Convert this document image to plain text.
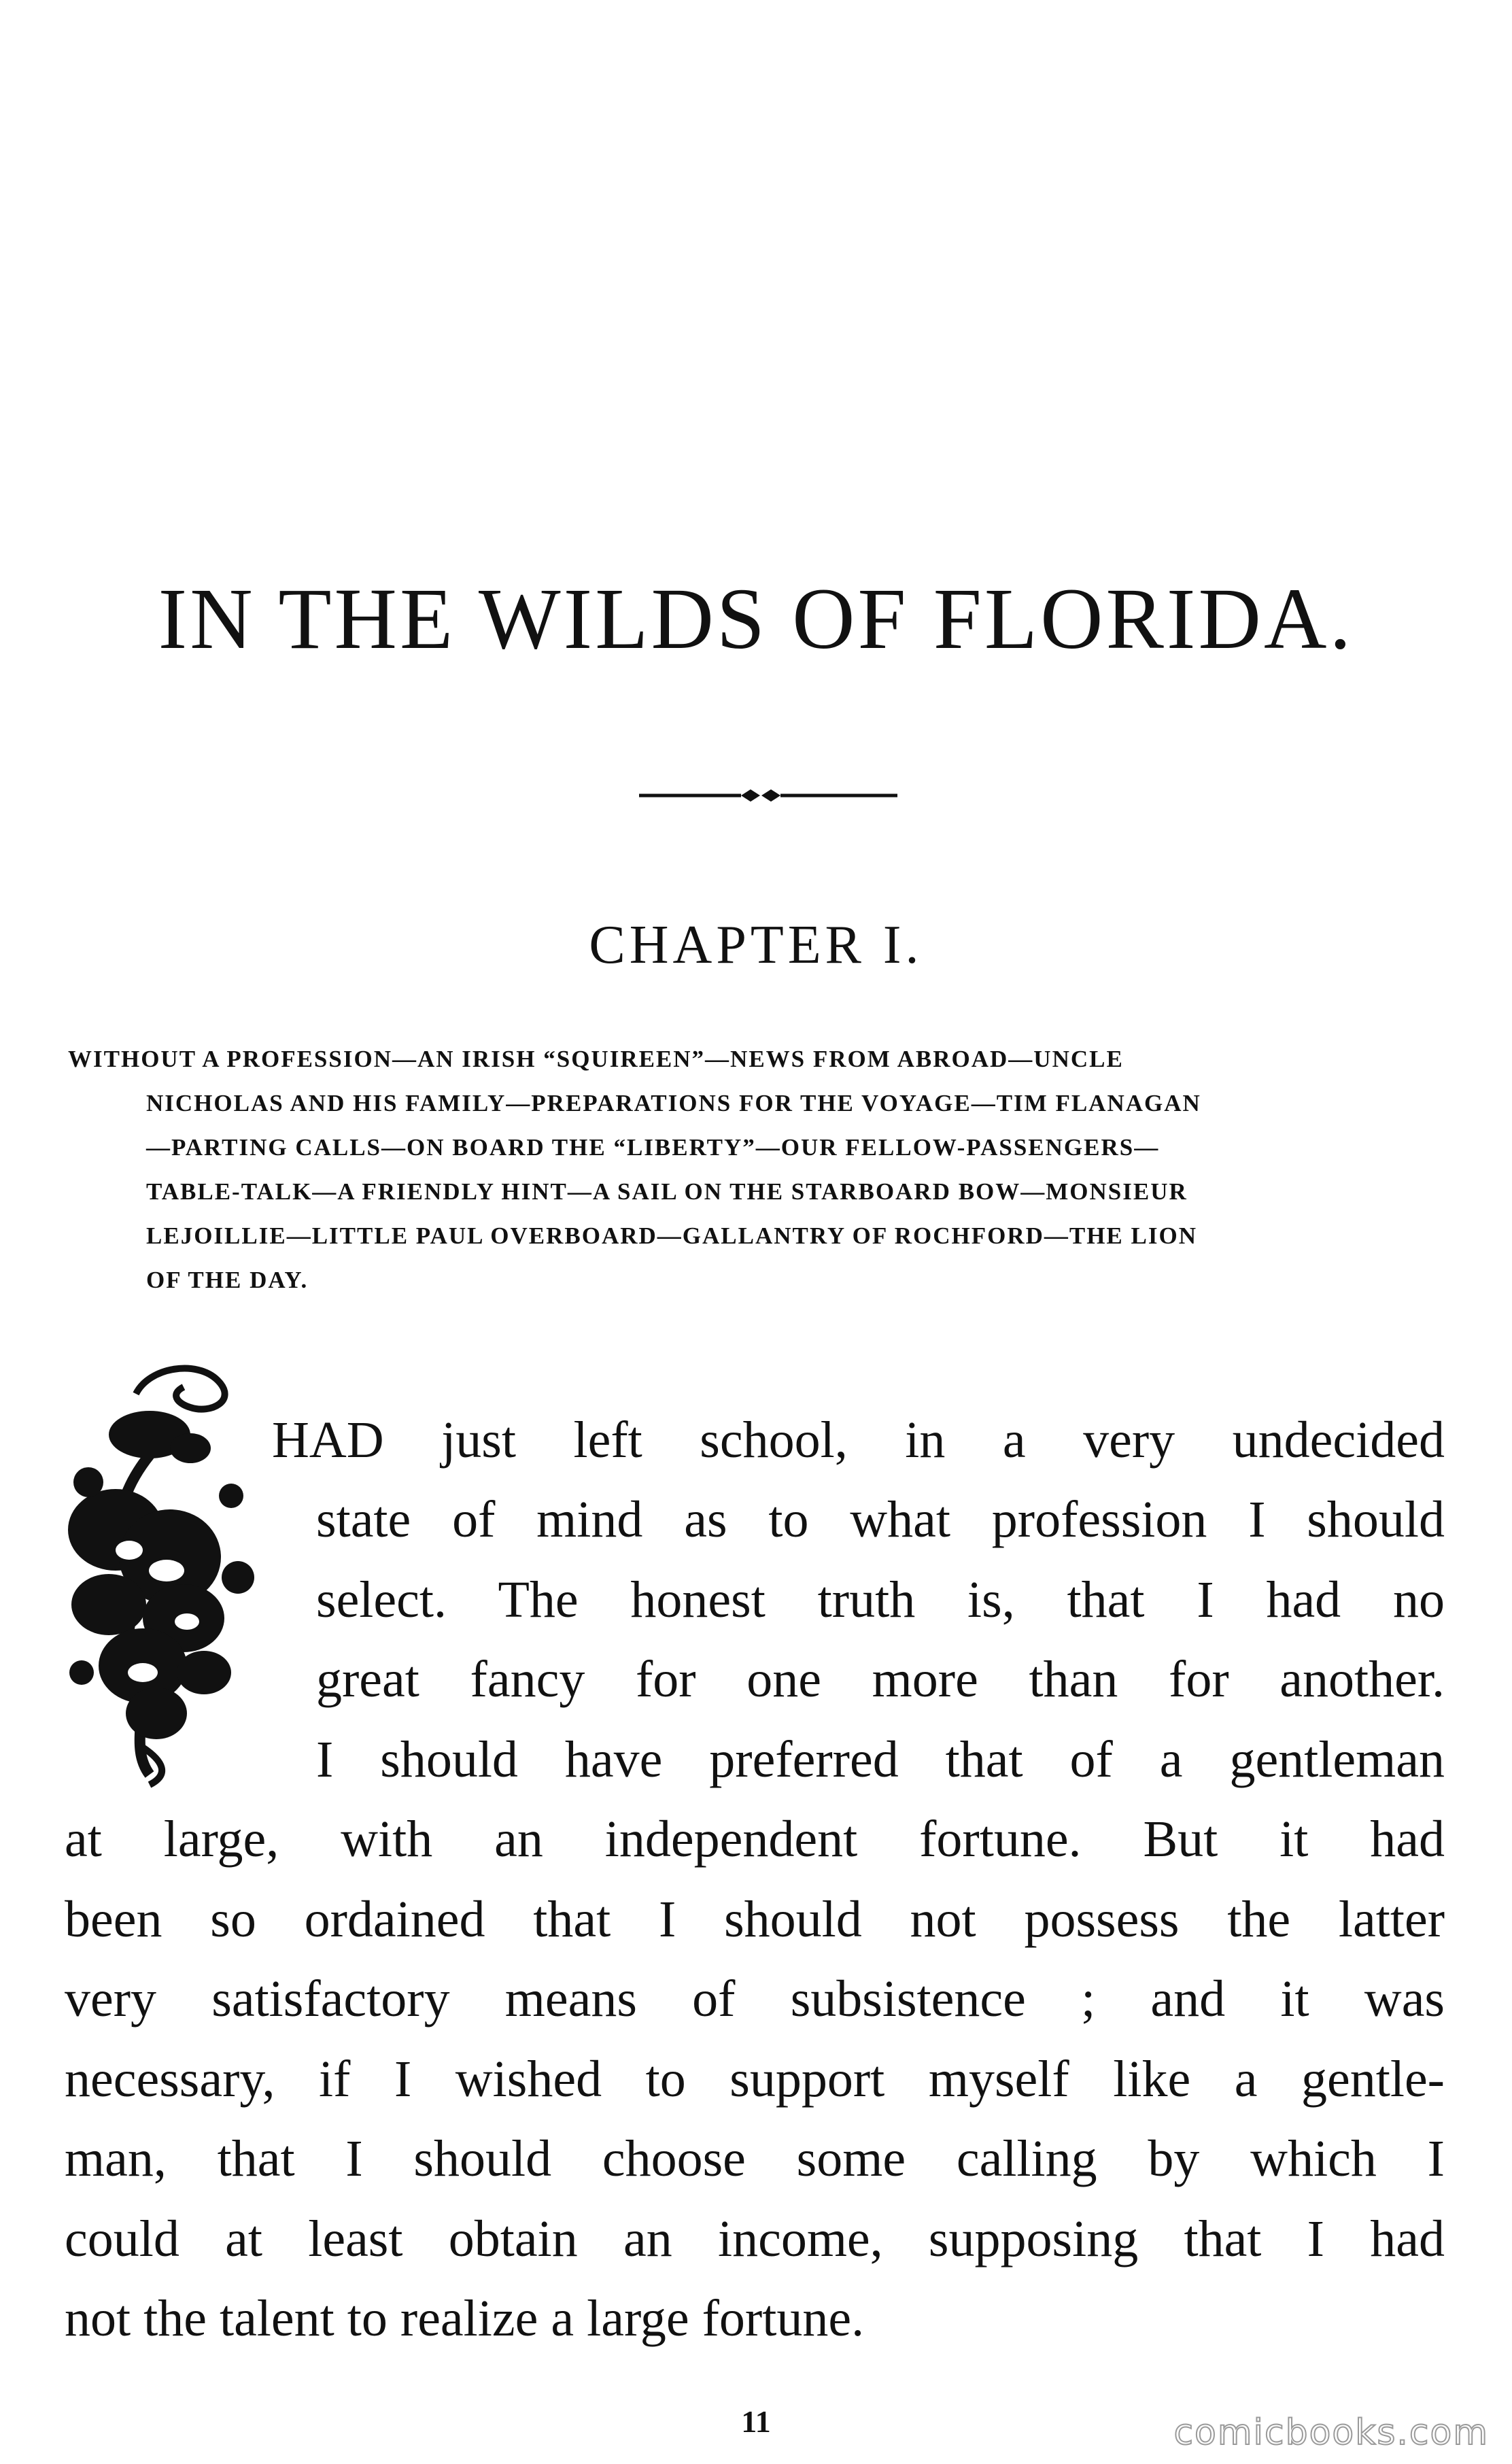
IN THE WILDS OF FLORIDA.
CHAPTER I.
WITHOUT A PROFESSION—AN IRISH “SQUIREEN”—NEWS FROM ABROAD—UNCLE
NICHOLAS AND HIS FAMILY—PREPARATIONS FOR THE VOYAGE—TIM FLANAGAN
—PARTING CALLS—ON BOARD THE “LIBERTY”—OUR FELLOW-PASSENGERS—
TABLE-TALK—A FRIENDLY HINT—A SAIL ON THE STARBOARD BOW—MONSIEUR
LEJOILLIE—LITTLE PAUL OVERBOARD—GALLANTRY OF ROCHFORD—THE LION
OF THE DAY.
HAD just left school, in a very undecided
state of mind as to what profession I should
select. The honest truth is, that I had no
great fancy for one more than for another.
I should have preferred that of a gentleman
at large, with an independent fortune. But it had
been so ordained that I should not possess the latter
very satisfactory means of subsistence ; and it was
necessary, if I wished to support myself like a gentle-
man, that I should choose some calling by which I
could at least obtain an income, supposing that I had
not the talent to realize a large fortune.
11	comicbooks.com
